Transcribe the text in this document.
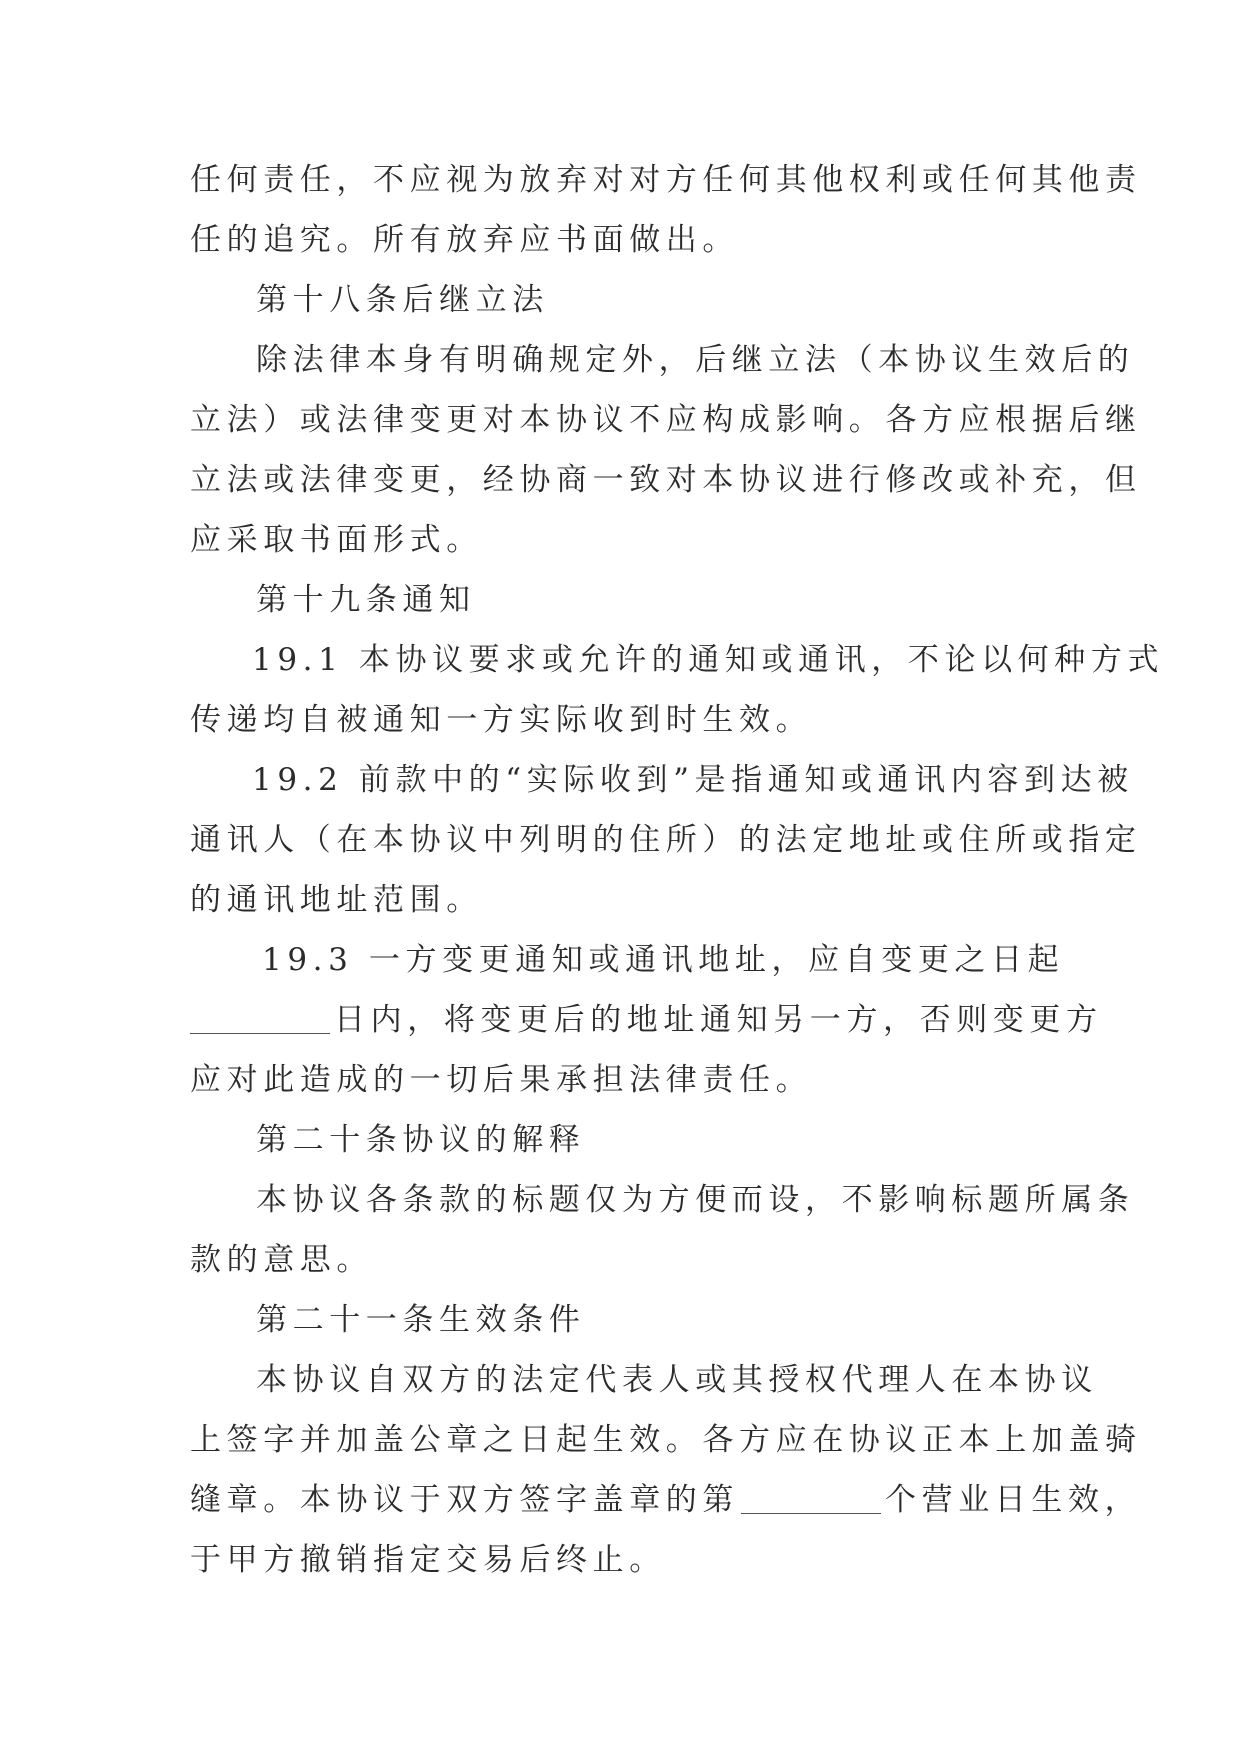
任何责任，不应视为放弃对对方任何其他权利或任何其他责
任的追究。所有放弃应书面做出。
第十八条后继立法
除法律本身有明确规定外，后继立法（本协议生效后的
立法）或法律变更对本协议不应构成影响。各方应根据后继
立法或法律变更，经协商一致对本协议进行修改或补充，但
应采取书面形式。
第十九条通知
19.1 本协议要求或允许的通知或通讯，不论以何种方式
传递均自被通知一方实际收到时生效。
19.2 前款中的“实际收到”是指通知或通讯内容到达被
通讯人（在本协议中列明的住所）的法定地址或住所或指定
的通讯地址范围。
19.3 一方变更通知或通讯地址，应自变更之日起
日内，将变更后的地址通知另一方，否则变更方
应对此造成的一切后果承担法律责任。
第二十条协议的解释
本协议各条款的标题仅为方便而设，不影响标题所属条
款的意思。
第二十一条生效条件
本协议自双方的法定代表人或其授权代理人在本协议
上签字并加盖公章之日起生效。各方应在协议正本上加盖骑
缝章。本协议于双方签字盖章的第	个营业日生效，
于甲方撤销指定交易后终止。
